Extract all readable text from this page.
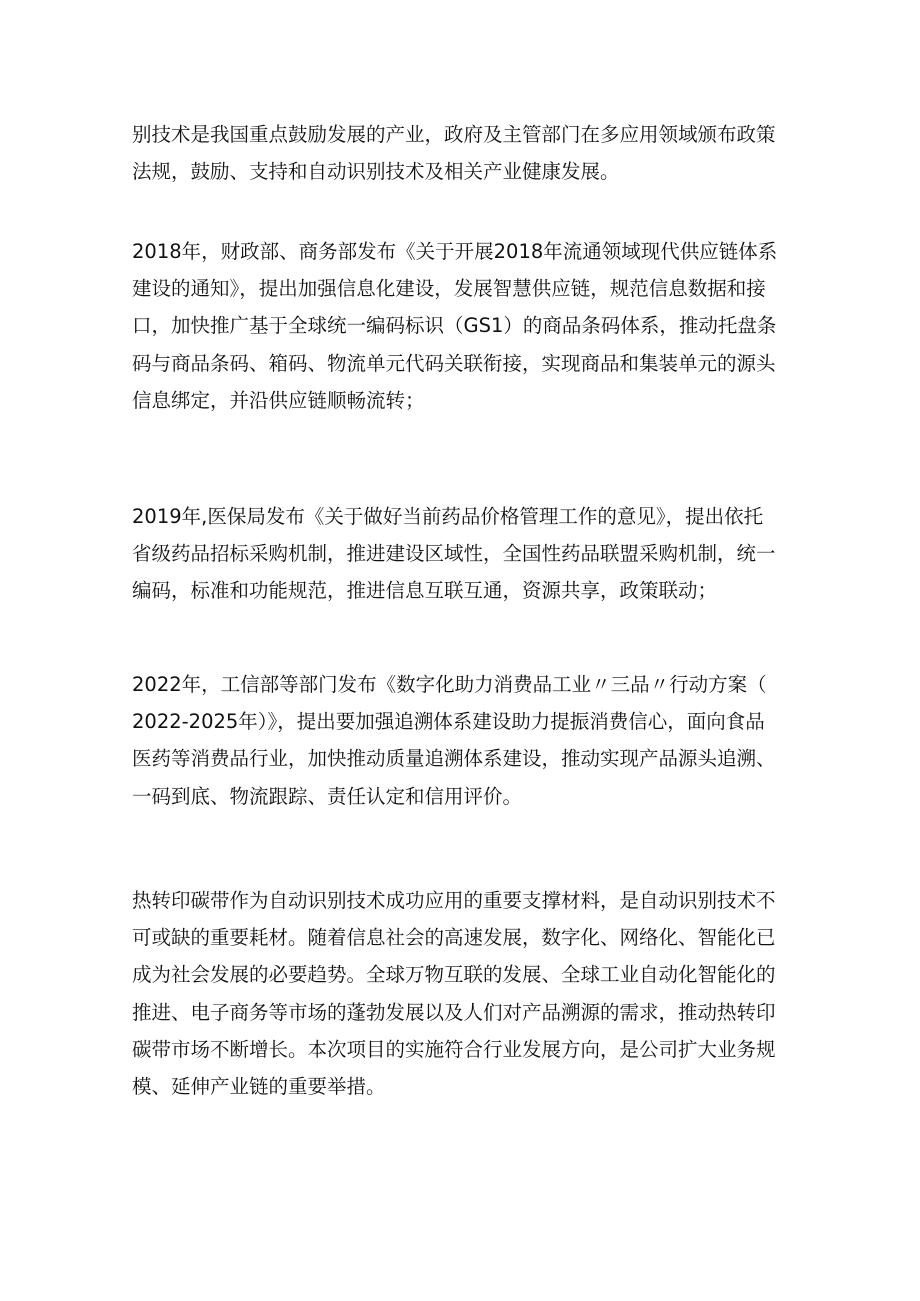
别技术是我国重点鼓励发展的产业，政府及主管部门在多应用领域颁布政策
法规，鼓励、支持和自动识别技术及相关产业健康发展。

2018年，财政部、商务部发布《关于开展2018年流通领域现代供应链体系
建设的通知》，提出加强信息化建设，发展智慧供应链，规范信息数据和接
口，加快推广基于全球统一编码标识（GS1）的商品条码体系，推动托盘条
码与商品条码、箱码、物流单元代码关联衔接，实现商品和集装单元的源头
信息绑定，并沿供应链顺畅流转；

2019年,医保局发布《关于做好当前药品价格管理工作的意见》，提出依托
省级药品招标采购机制，推进建设区域性，全国性药品联盟采购机制，统一
编码，标准和功能规范，推进信息互联互通，资源共享，政策联动；

2022年，工信部等部门发布《数字化助力消费品工业〃三品〃行动方案（
2022-2025年）》，提出要加强追溯体系建设助力提振消费信心，面向食品
医药等消费品行业，加快推动质量追溯体系建设，推动实现产品源头追溯、
一码到底、物流跟踪、责任认定和信用评价。

热转印碳带作为自动识别技术成功应用的重要支撑材料，是自动识别技术不
可或缺的重要耗材。随着信息社会的高速发展，数字化、网络化、智能化已
成为社会发展的必要趋势。全球万物互联的发展、全球工业自动化智能化的
推进、电子商务等市场的蓬勃发展以及人们对产品溯源的需求，推动热转印
碳带市场不断增长。本次项目的实施符合行业发展方向，是公司扩大业务规
模、延伸产业链的重要举措。
